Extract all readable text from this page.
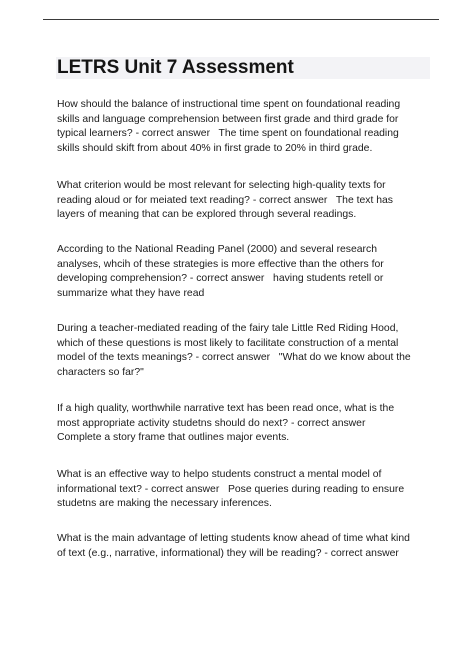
LETRS Unit 7 Assessment

How should the balance of instructional time spent on foundational reading
skills and language comprehension between first grade and third grade for
typical learners? - correct answer The time spent on foundational reading
skills should skift from about 40% in first grade to 20% in third grade.

What criterion would be most relevant for selecting high-quality texts for
reading aloud or for meiated text reading? - correct answer The text has
layers of meaning that can be explored through several readings.

According to the National Reading Panel (2000) and several research
analyses, whcih of these strategies is more effective than the others for
developing comprehension? - correct answer having students retell or
summarize what they have read

During a teacher-mediated reading of the fairy tale Little Red Riding Hood,
which of these questions is most likely to facilitate construction of a mental
model of the texts meanings? - correct answer "What do we know about the
characters so far?"

If a high quality, worthwhile narrative text has been read once, what is the
most appropriate activity studetns should do next? - correct answer
Complete a story frame that outlines major events.

What is an effective way to helpo students construct a mental model of
informational text? - correct answer Pose queries during reading to ensure
studetns are making the necessary inferences.

What is the main advantage of letting students know ahead of time what kind
of text (e.g., narrative, informational) they will be reading? - correct answer
